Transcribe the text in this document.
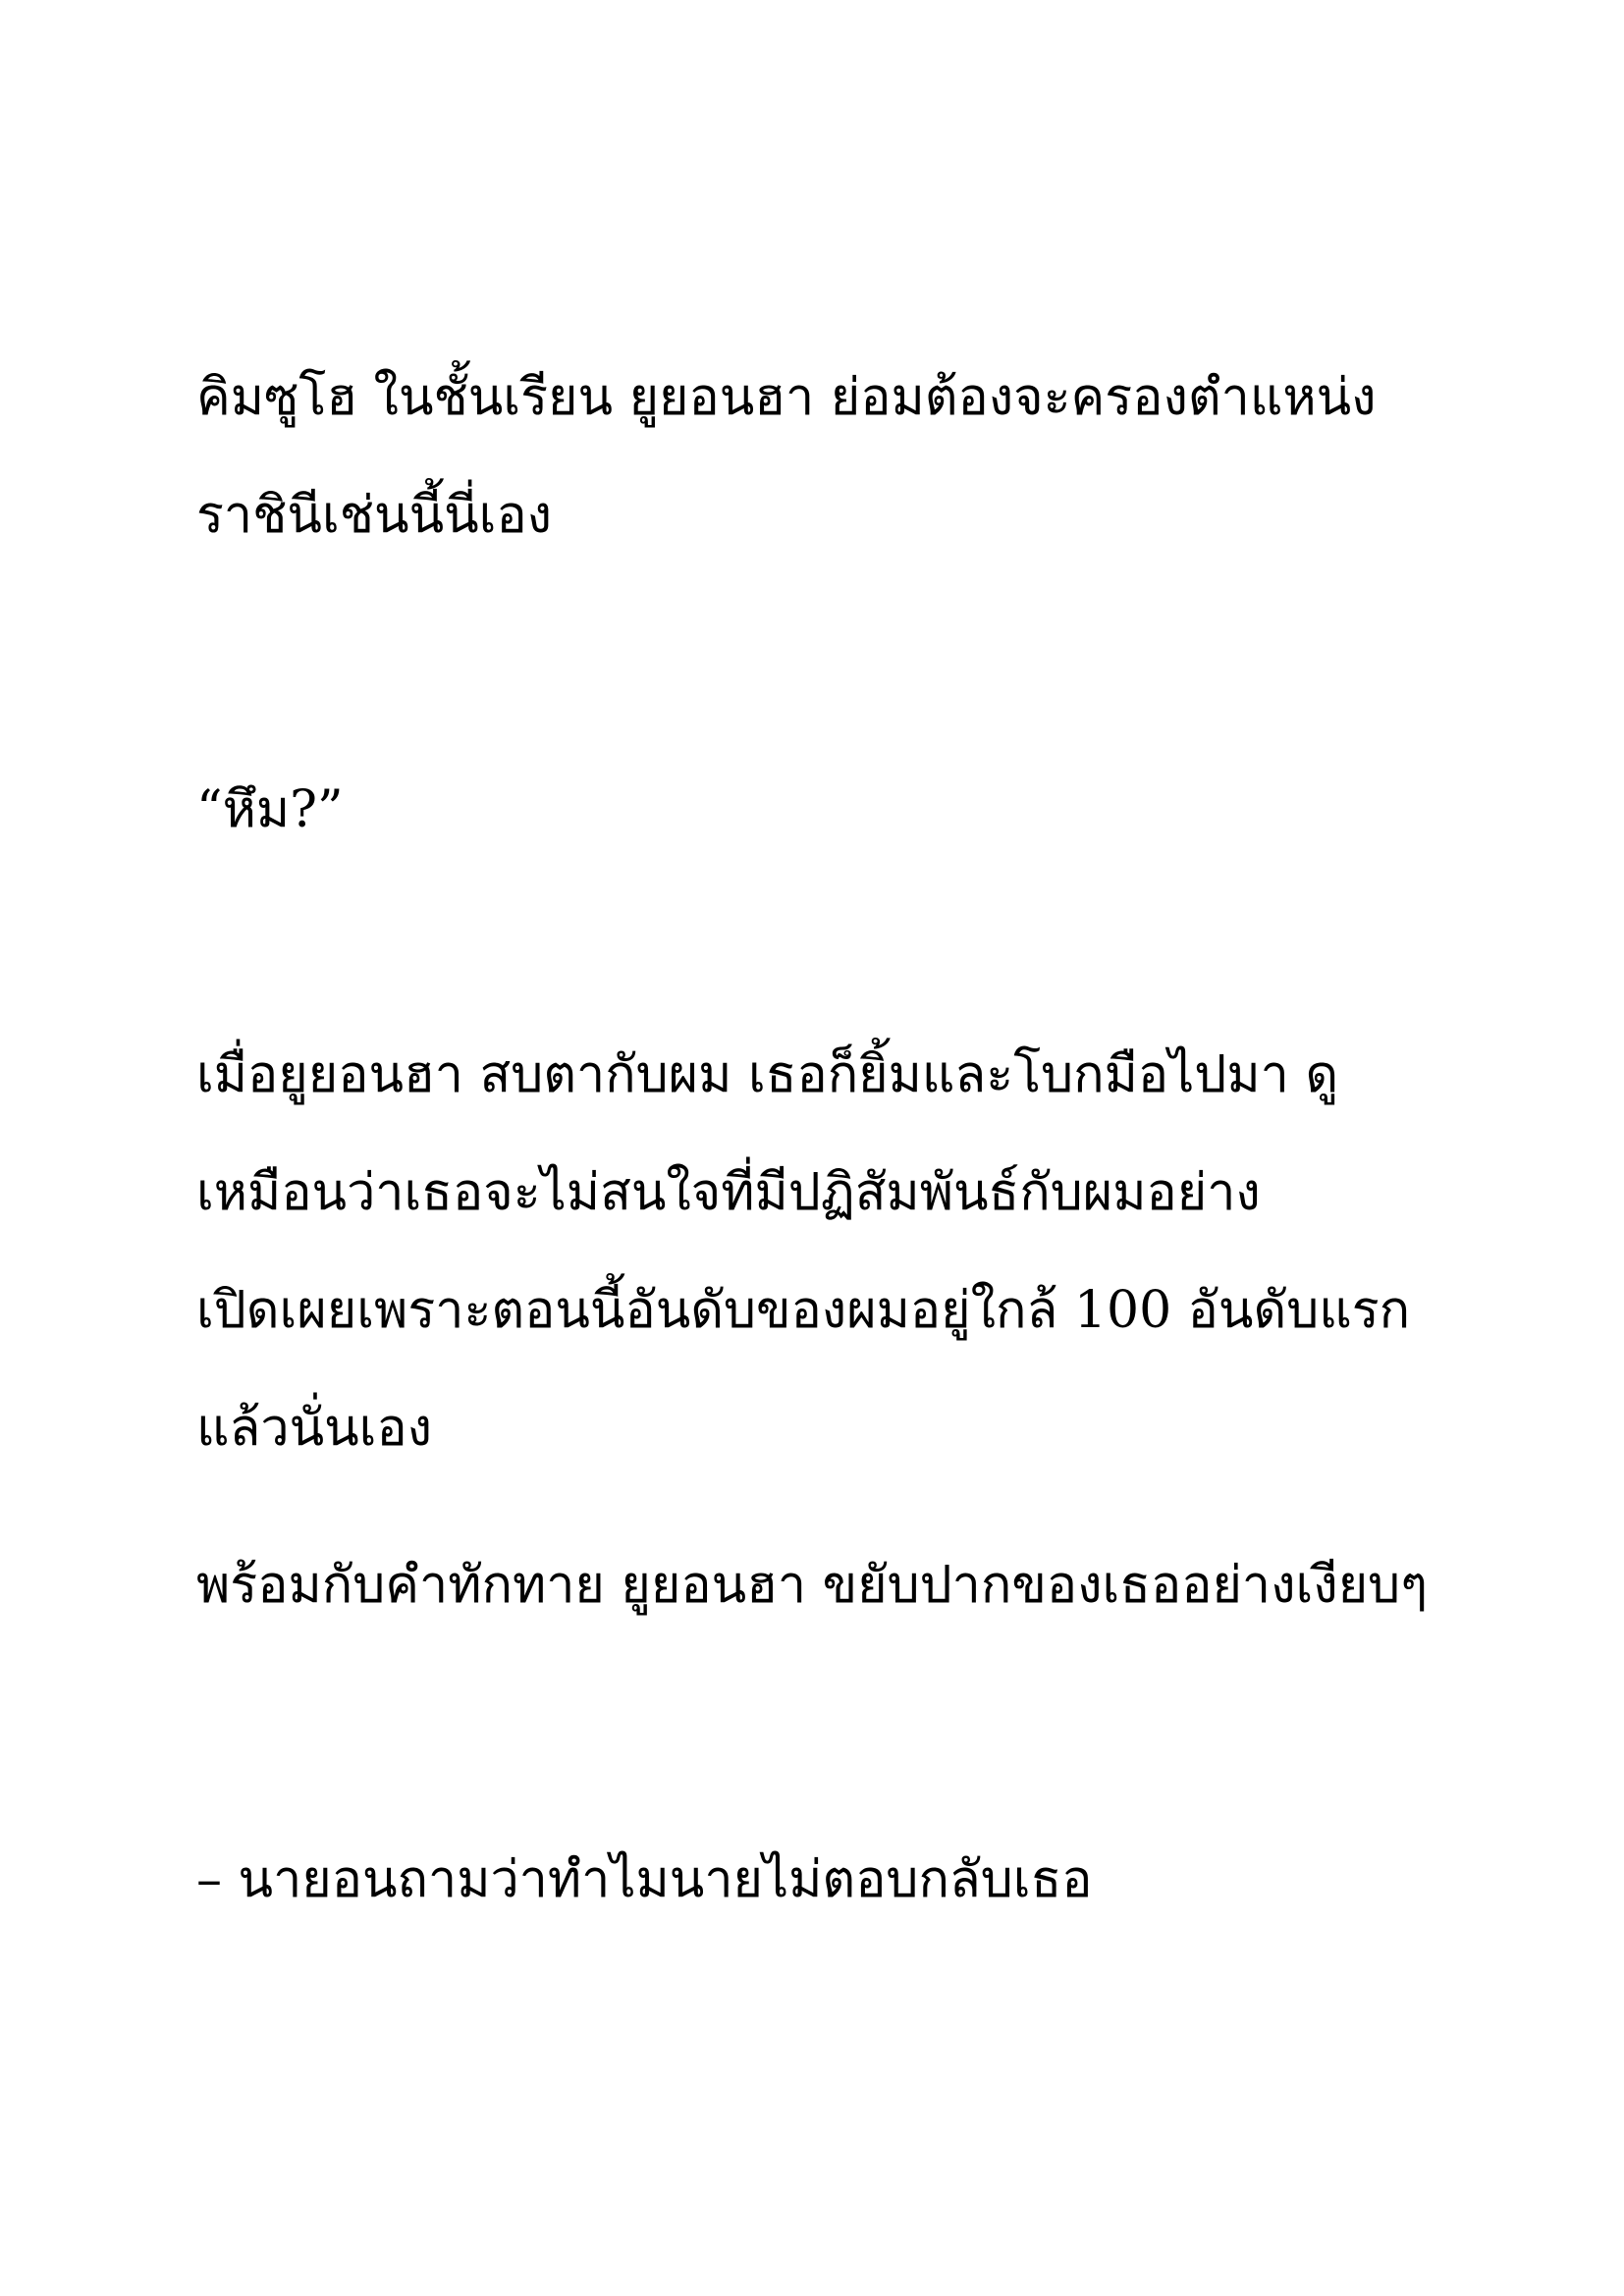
คิมซูโฮ ในชั้นเรียน ยูยอนฮา ย่อมต้องจะครองตำแหน่ง
ราชินีเช่นนี้นี่เอง

“หึม?”

เมื่อยูยอนฮา สบตากับผม เธอก็ยิ้มและโบกมือไปมา ดู
เหมือนว่าเธอจะไม่สนใจที่มีปฏิสัมพันธ์กับผมอย่าง
เปิดเผยเพราะตอนนี้อันดับของผมอยู่ใกล้ 100 อันดับแรก
แล้วนั่นเอง

พร้อมกับคำทักทาย ยูยอนฮา ขยับปากของเธออย่างเงียบๆ

– นายอนถามว่าทำไมนายไม่ตอบกลับเธอ
